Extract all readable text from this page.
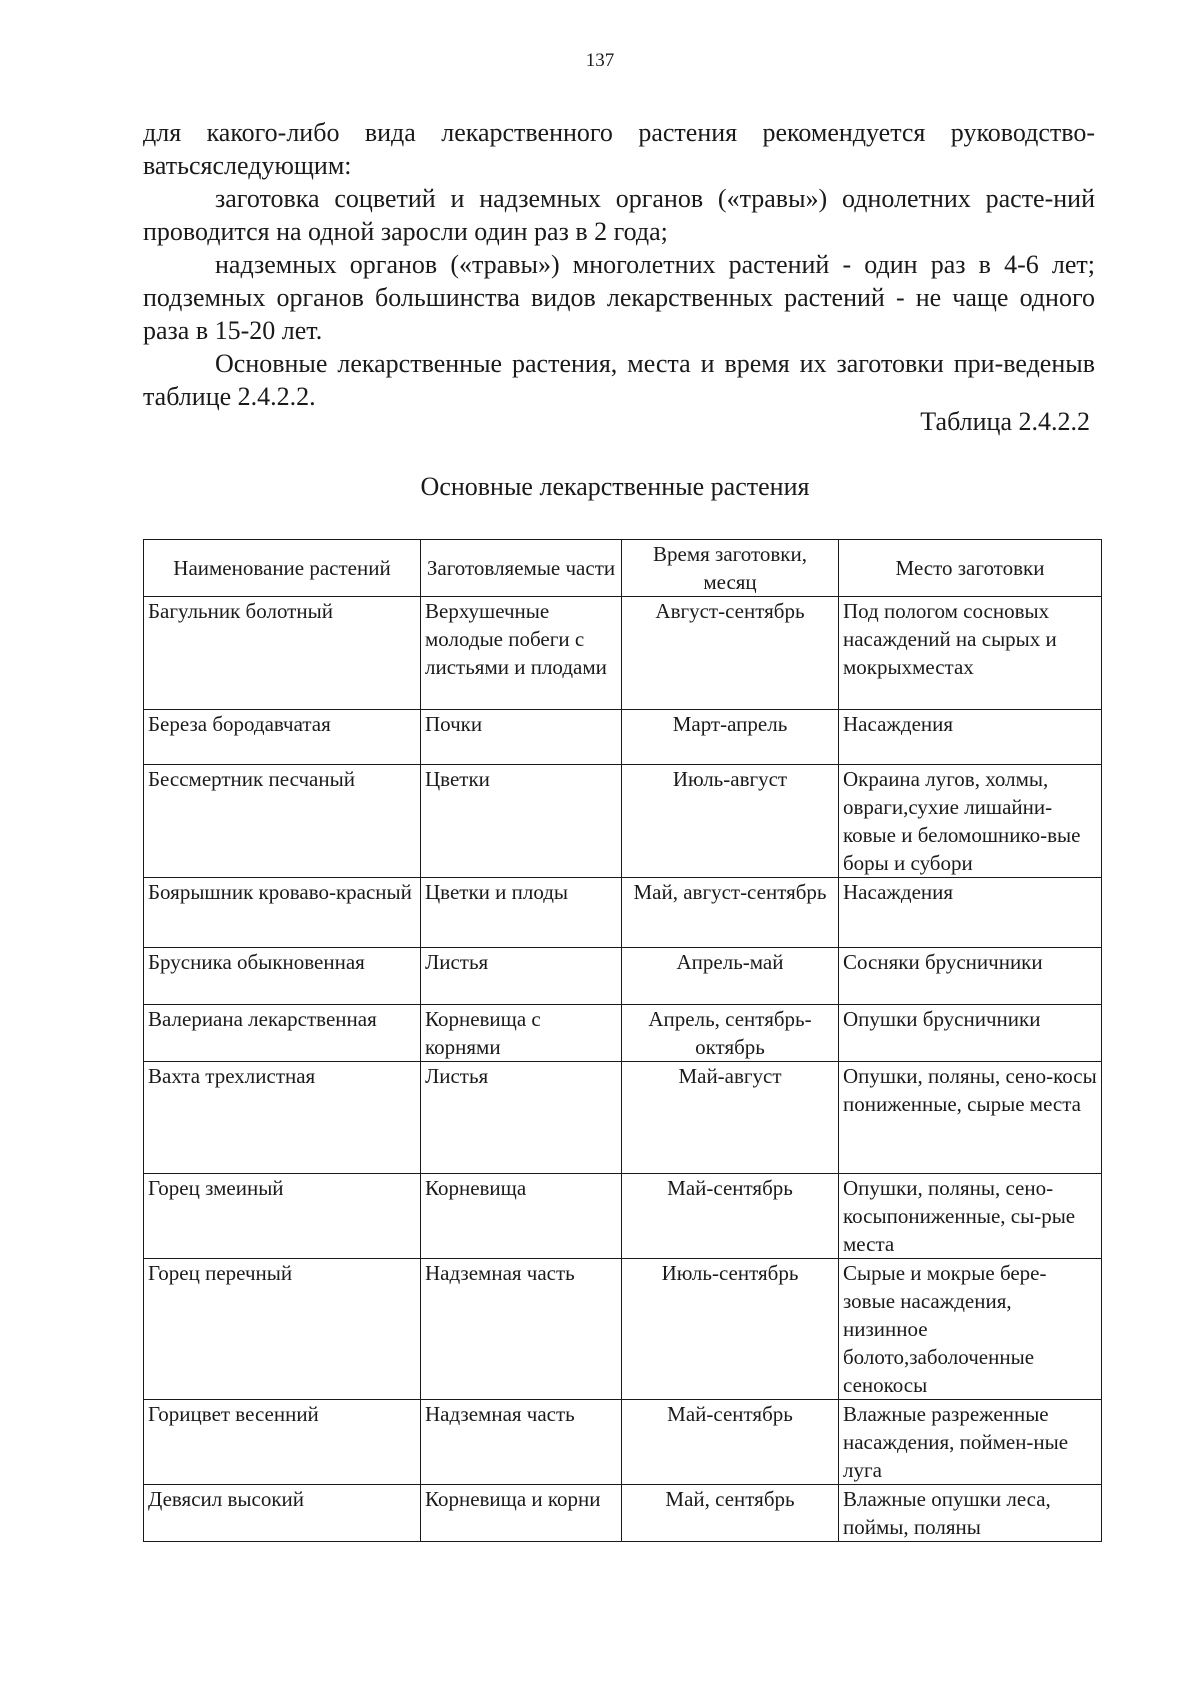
137

для какого-либо вида лекарственного растения рекомендуется руководство-ватьсяследующим:

заготовка соцветий и надземных органов («травы») однолетних расте-ний проводится на одной заросли один раз в 2 года;

надземных органов («травы») многолетних растений - один раз в 4-6 лет; подземных органов большинства видов лекарственных растений - не чаще одного раза в 15-20 лет.

Основные лекарственные растения, места и время их заготовки при-веденыв таблице 2.4.2.2.

Таблица 2.4.2.2
Основные лекарственные растения
Наименование растений	Заготовляемые части	Время заготовки, месяц	Место заготовки
Багульник болотный	Верхушечные молодые побеги с листьями и плодами	Август-сентябрь	Под пологом сосновых насаждений на сырых и мокрыхместах
Береза бородавчатая	Почки	Март-апрель	Насаждения
Бессмертник песчаный	Цветки	Июль-август	Окраина лугов, холмы, овраги,сухие лишайни-ковые и беломошнико-вые боры и субори
Боярышник кроваво-красный	Цветки и плоды	Май, август-сентябрь	Насаждения
Брусника обыкновенная	Листья	Апрель-май	Сосняки брусничники
Валериана лекарственная	Корневища с корнями	Апрель, сентябрь-октябрь	Опушки брусничники
Вахта трехлистная	Листья	Май-август	Опушки, поляны, сено-косы пониженные, сырые места
Горец змеиный	Корневища	Май-сентябрь	Опушки, поляны, сено-косыпониженные, сы-рые места
Горец перечный	Надземная часть	Июль-сентябрь	Сырые и мокрые бере-зовые насаждения, низинное болото,заболоченные сенокосы
Горицвет весенний	Надземная часть	Май-сентябрь	Влажные разреженные насаждения, поймен-ные луга
Девясил высокий	Корневища и корни	Май, сентябрь	Влажные опушки леса, поймы, поляны
